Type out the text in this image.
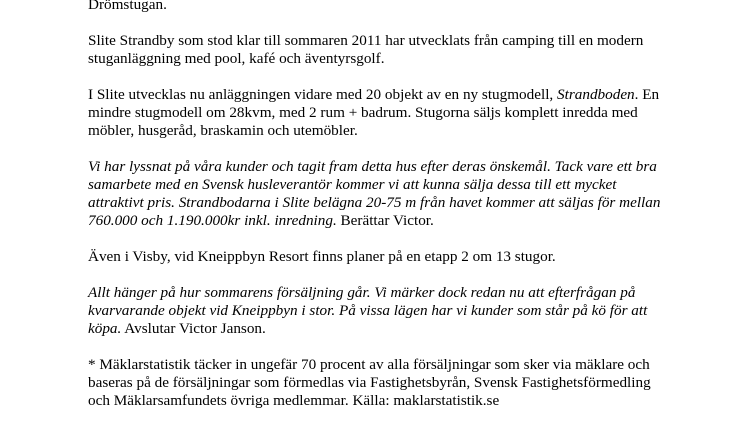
Drömstugan.

Slite Strandby som stod klar till sommaren 2011 har utvecklats från camping till en modern
stuganläggning med pool, kafé och äventyrsgolf.

I Slite utvecklas nu anläggningen vidare med 20 objekt av en ny stugmodell, Strandboden. En
mindre stugmodell om 28kvm, med 2 rum + badrum. Stugorna säljs komplett inredda med
möbler, husgeråd, braskamin och utemöbler.

Vi har lyssnat på våra kunder och tagit fram detta hus efter deras önskemål. Tack vare ett bra
samarbete med en Svensk husleverantör kommer vi att kunna sälja dessa till ett mycket
attraktivt pris. Strandbodarna i Slite belägna 20-75 m från havet kommer att säljas för mellan
760.000 och 1.190.000kr inkl. inredning. Berättar Victor.

Även i Visby, vid Kneippbyn Resort finns planer på en etapp 2 om 13 stugor.

Allt hänger på hur sommarens försäljning går. Vi märker dock redan nu att efterfrågan på
kvarvarande objekt vid Kneippbyn i stor. På vissa lägen har vi kunder som står på kö för att
köpa. Avslutar Victor Janson.

* Mäklarstatistik täcker in ungefär 70 procent av alla försäljningar som sker via mäklare och
baseras på de försäljningar som förmedlas via Fastighetsbyrån, Svensk Fastighetsförmedling
och Mäklarsamfundets övriga medlemmar. Källa: maklarstatistik.se
